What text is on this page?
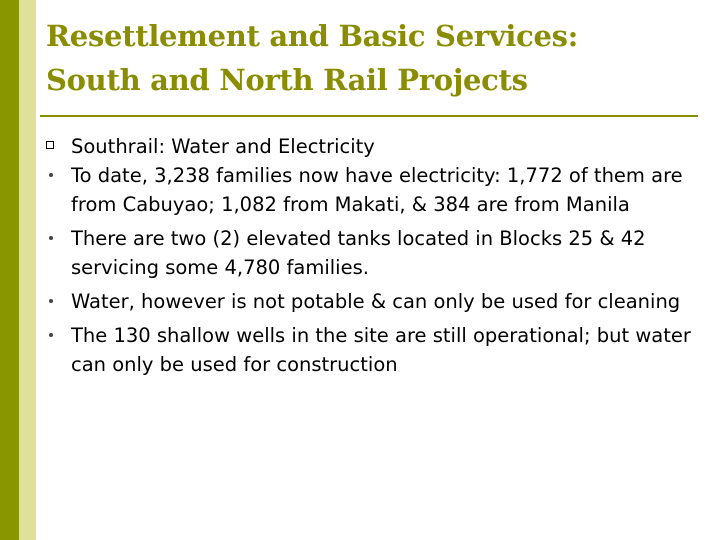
Resettlement and Basic Services:
South and North Rail Projects
Southrail: Water and Electricity
To date, 3,238 families now have electricity: 1,772 of them are from Cabuyao; 1,082 from Makati, & 384 are from Manila
There are two (2) elevated tanks located in Blocks 25 & 42 servicing some 4,780 families.
Water, however is not potable & can only be used for cleaning
The 130 shallow wells in the site are still operational; but water can only be used for construction
